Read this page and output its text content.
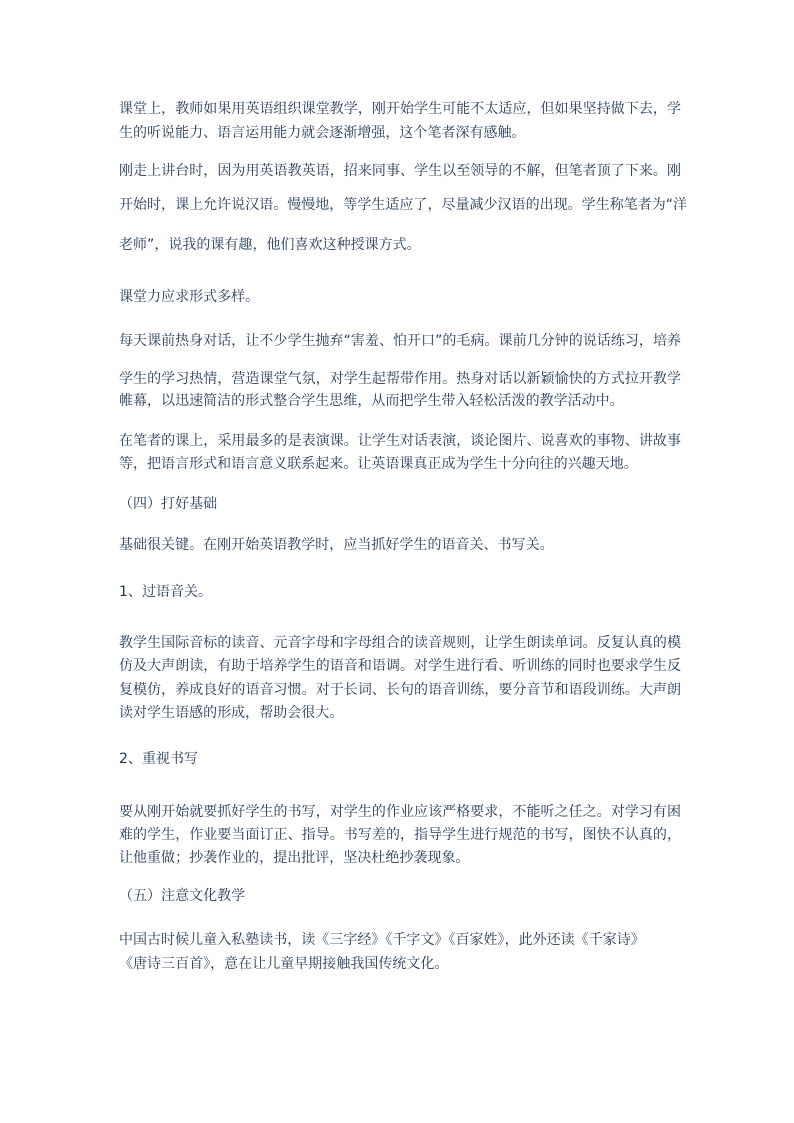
课堂上，教师如果用英语组织课堂教学，刚开始学生可能不太适应，但如果坚持做下去，学
生的听说能力、语言运用能力就会逐渐增强，这个笔者深有感触。
刚走上讲台时，因为用英语教英语，招来同事、学生以至领导的不解，但笔者顶了下来。刚
开始时，课上允许说汉语。慢慢地，等学生适应了，尽量减少汉语的出现。学生称笔者为“洋
老师”，说我的课有趣，他们喜欢这种授课方式。
课堂力应求形式多样。
每天课前热身对话，让不少学生抛弃“害羞、怕开口”的毛病。课前几分钟的说话练习，培养
学生的学习热情，营造课堂气氛，对学生起帮带作用。热身对话以新颖愉快的方式拉开教学
帷幕，以迅速简洁的形式整合学生思维，从而把学生带入轻松活泼的教学活动中。
在笔者的课上，采用最多的是表演课。让学生对话表演，谈论图片、说喜欢的事物、讲故事
等，把语言形式和语言意义联系起来。让英语课真正成为学生十分向往的兴趣天地。
（四）打好基础
基础很关键。在刚开始英语教学时，应当抓好学生的语音关、书写关。
1、过语音关。
教学生国际音标的读音、元音字母和字母组合的读音规则，让学生朗读单词。反复认真的模
仿及大声朗读，有助于培养学生的语音和语调。对学生进行看、听训练的同时也要求学生反
复模仿，养成良好的语音习惯。对于长词、长句的语音训练，要分音节和语段训练。大声朗
读对学生语感的形成，帮助会很大。
2、重视书写
要从刚开始就要抓好学生的书写，对学生的作业应该严格要求，不能听之任之。对学习有困
难的学生，作业要当面订正、指导。书写差的，指导学生进行规范的书写，图快不认真的，
让他重做；抄袭作业的，提出批评，坚决杜绝抄袭现象。
（五）注意文化教学
中国古时候儿童入私塾读书，读《三字经》《千字文》《百家姓》，此外还读《千家诗》
《唐诗三百首》，意在让儿童早期接触我国传统文化。
